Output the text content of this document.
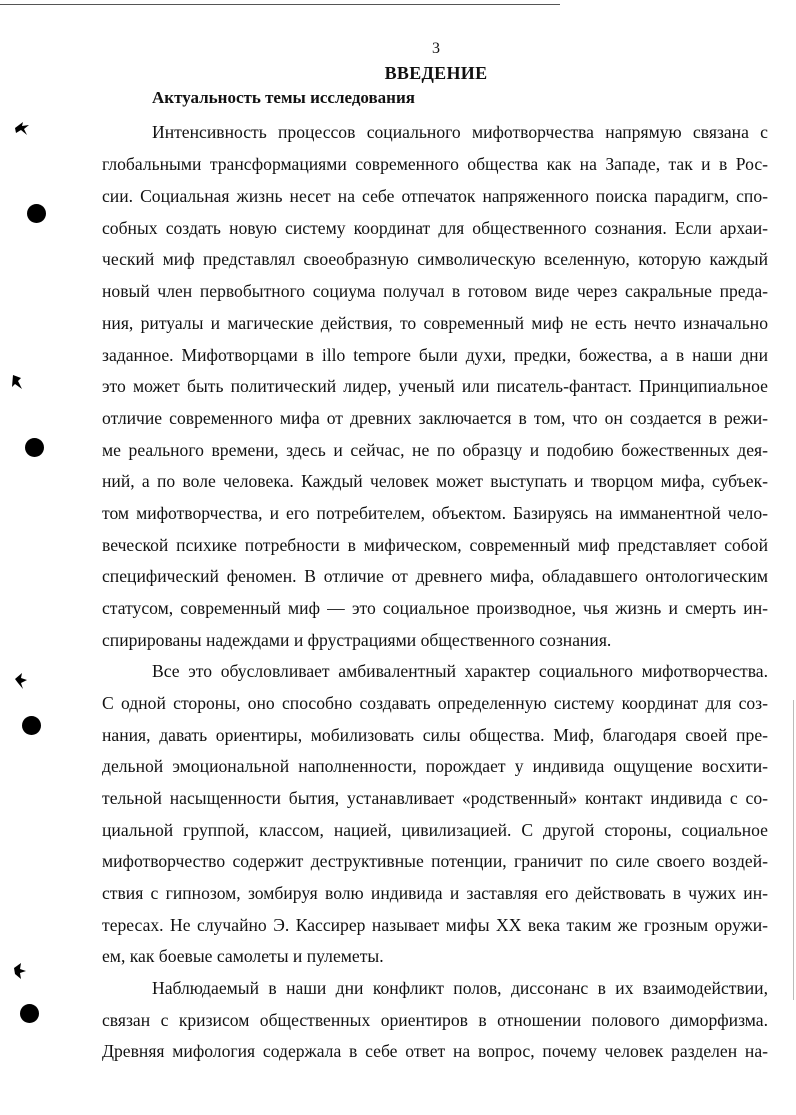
3
ВВЕДЕНИЕ
Актуальность темы исследования
Интенсивность процессов социального мифотворчества напрямую связана с
глобальными трансформациями современного общества как на Западе, так и в Рос-
сии. Социальная жизнь несет на себе отпечаток напряженного поиска парадигм, спо-
собных создать новую систему координат для общественного сознания. Если архаи-
ческий миф представлял своеобразную символическую вселенную, которую каждый
новый член первобытного социума получал в готовом виде через сакральные преда-
ния, ритуалы и магические действия, то современный миф не есть нечто изначально
заданное. Мифотворцами в illo tempore были духи, предки, божества, а в наши дни
это может быть политический лидер, ученый или писатель-фантаст. Принципиальное
отличие современного мифа от древних заключается в том, что он создается в режи-
ме реального времени, здесь и сейчас, не по образцу и подобию божественных дея-
ний, а по воле человека. Каждый человек может выступать и творцом мифа, субъек-
том мифотворчества, и его потребителем, объектом. Базируясь на имманентной чело-
веческой психике потребности в мифическом, современный миф представляет собой
специфический феномен. В отличие от древнего мифа, обладавшего онтологическим
статусом, современный миф — это социальное производное, чья жизнь и смерть ин-
спирированы надеждами и фрустрациями общественного сознания.
Все это обусловливает амбивалентный характер социального мифотворчества.
С одной стороны, оно способно создавать определенную систему координат для соз-
нания, давать ориентиры, мобилизовать силы общества. Миф, благодаря своей пре-
дельной эмоциональной наполненности, порождает у индивида ощущение восхити-
тельной насыщенности бытия, устанавливает «родственный» контакт индивида с со-
циальной группой, классом, нацией, цивилизацией. С другой стороны, социальное
мифотворчество содержит деструктивные потенции, граничит по силе своего воздей-
ствия с гипнозом, зомбируя волю индивида и заставляя его действовать в чужих ин-
тересах. Не случайно Э. Кассирер называет мифы XX века таким же грозным оружи-
ем, как боевые самолеты и пулеметы.
Наблюдаемый в наши дни конфликт полов, диссонанс в их взаимодействии,
связан с кризисом общественных ориентиров в отношении полового диморфизма.
Древняя мифология содержала в себе ответ на вопрос, почему человек разделен на-
